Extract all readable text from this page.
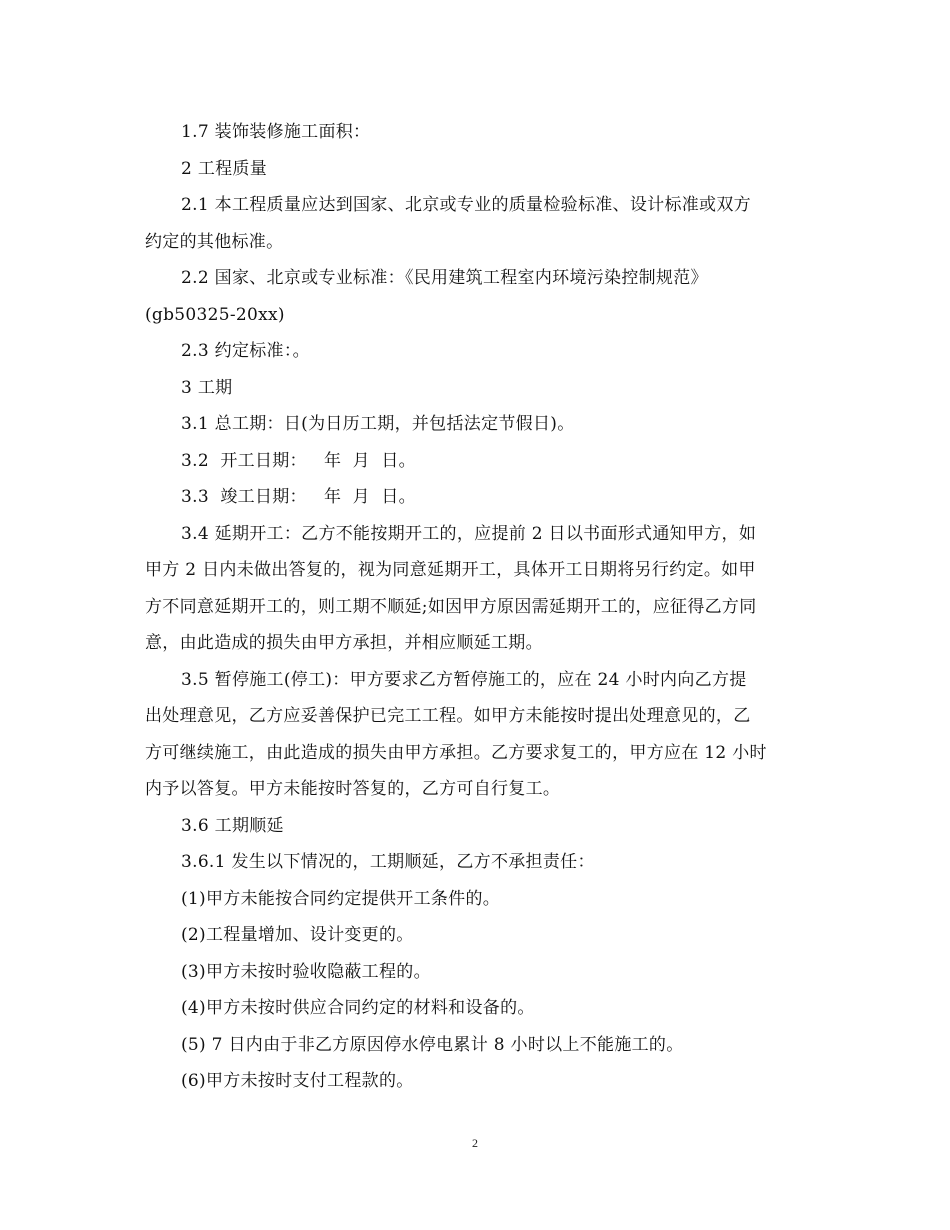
1.7 装饰装修施工面积：

2 工程质量

2.1 本工程质量应达到国家、北京或专业的质量检验标准、设计标准或双方

约定的其他标准。

2.2 国家、北京或专业标准：《民用建筑工程室内环境污染控制规范》

(gb50325-20xx)

2.3 约定标准：。

3 工期

3.1 总工期：日(为日历工期，并包括法定节假日)。

3.2  开工日期：   年  月  日。

3.3  竣工日期：   年  月  日。

3.4 延期开工：乙方不能按期开工的，应提前 2 日以书面形式通知甲方，如

甲方 2 日内未做出答复的，视为同意延期开工，具体开工日期将另行约定。如甲

方不同意延期开工的，则工期不顺延;如因甲方原因需延期开工的，应征得乙方同

意，由此造成的损失由甲方承担，并相应顺延工期。

3.5 暂停施工(停工)：甲方要求乙方暂停施工的，应在 24 小时内向乙方提

出处理意见，乙方应妥善保护已完工工程。如甲方未能按时提出处理意见的，乙

方可继续施工，由此造成的损失由甲方承担。乙方要求复工的，甲方应在 12 小时

内予以答复。甲方未能按时答复的，乙方可自行复工。

3.6 工期顺延

3.6.1 发生以下情况的，工期顺延，乙方不承担责任：

(1)甲方未能按合同约定提供开工条件的。

(2)工程量增加、设计变更的。

(3)甲方未按时验收隐蔽工程的。

(4)甲方未按时供应合同约定的材料和设备的。

(5) 7 日内由于非乙方原因停水停电累计 8 小时以上不能施工的。

(6)甲方未按时支付工程款的。

2
